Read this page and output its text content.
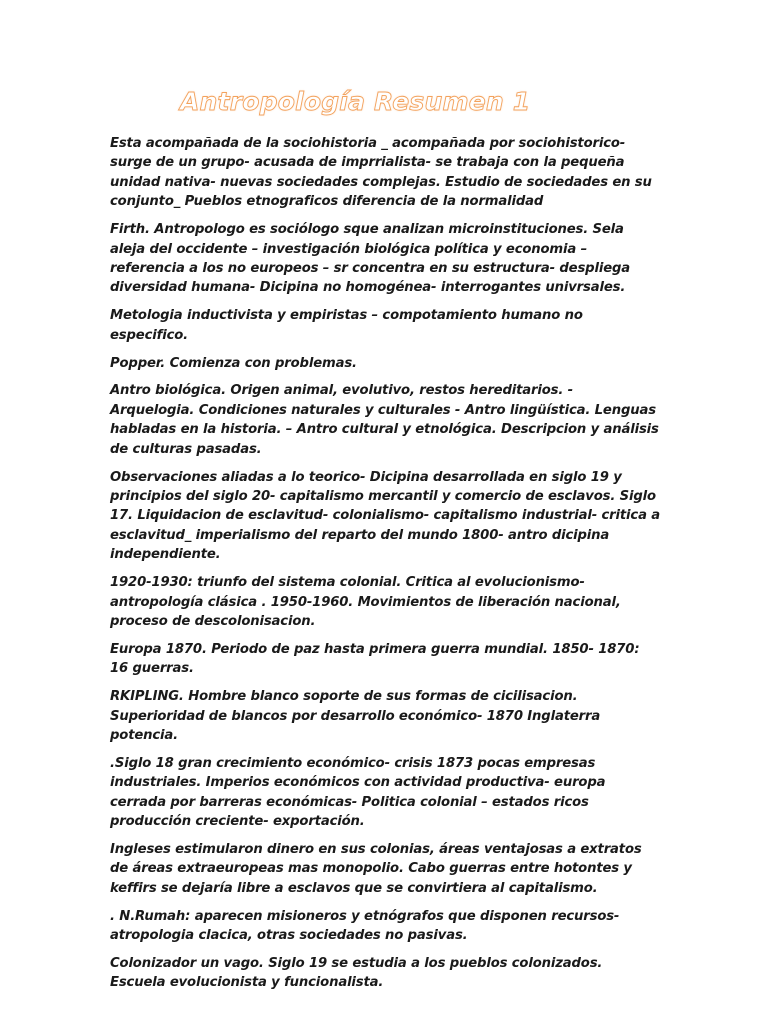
Antropología Resumen 1

Esta acompañada de la sociohistoria _ acompañada por sociohistorico- surge de un grupo- acusada de imprrialista- se trabaja con la pequeña unidad nativa- nuevas sociedades complejas. Estudio de sociedades en su conjunto_ Pueblos etnograficos diferencia de la normalidad

Firth. Antropologo es sociólogo sque analizan microinstituciones. Sela aleja del occidente – investigación biológica política y economia – referencia a los no europeos – sr concentra en su estructura- despliega diversidad humana- Dicipina no homogénea- interrogantes univrsales.

Metologia inductivista y empiristas – compotamiento humano no especifico.

Popper. Comienza con problemas.

Antro biológica. Origen animal, evolutivo, restos hereditarios. - Arquelogia. Condiciones naturales y culturales - Antro lingüística. Lenguas habladas en la historia. – Antro cultural y etnológica. Descripcion y análisis de culturas pasadas.

Observaciones aliadas a lo teorico- Dicipina desarrollada en siglo 19 y principios del siglo 20- capitalismo mercantil y comercio de esclavos. Siglo 17. Liquidacion de esclavitud- colonialismo- capitalismo industrial- critica a esclavitud_ imperialismo del reparto del mundo 1800- antro dicipina independiente.

1920-1930: triunfo del sistema colonial. Critica al evolucionismo- antropología clásica . 1950-1960. Movimientos de liberación nacional, proceso de descolonisacion.

Europa 1870. Periodo de paz hasta primera guerra mundial. 1850- 1870: 16 guerras.

RKIPLING. Hombre blanco soporte de sus formas de cicilisacion. Superioridad de blancos por desarrollo económico- 1870 Inglaterra potencia.

.Siglo 18 gran crecimiento económico- crisis 1873 pocas empresas industriales. Imperios económicos con actividad productiva- europa cerrada por barreras económicas- Politica colonial – estados ricos producción creciente- exportación.

Ingleses estimularon dinero en sus colonias, áreas ventajosas a extratos de áreas extraeuropeas mas monopolio. Cabo guerras entre hotontes y keffirs se dejaría libre a esclavos que se convirtiera al capitalismo.

. N.Rumah: aparecen misioneros y etnógrafos que disponen recursos- atropologia clacica, otras sociedades no pasivas.

Colonizador un vago. Siglo 19 se estudia a los pueblos colonizados. Escuela evolucionista y funcionalista.
